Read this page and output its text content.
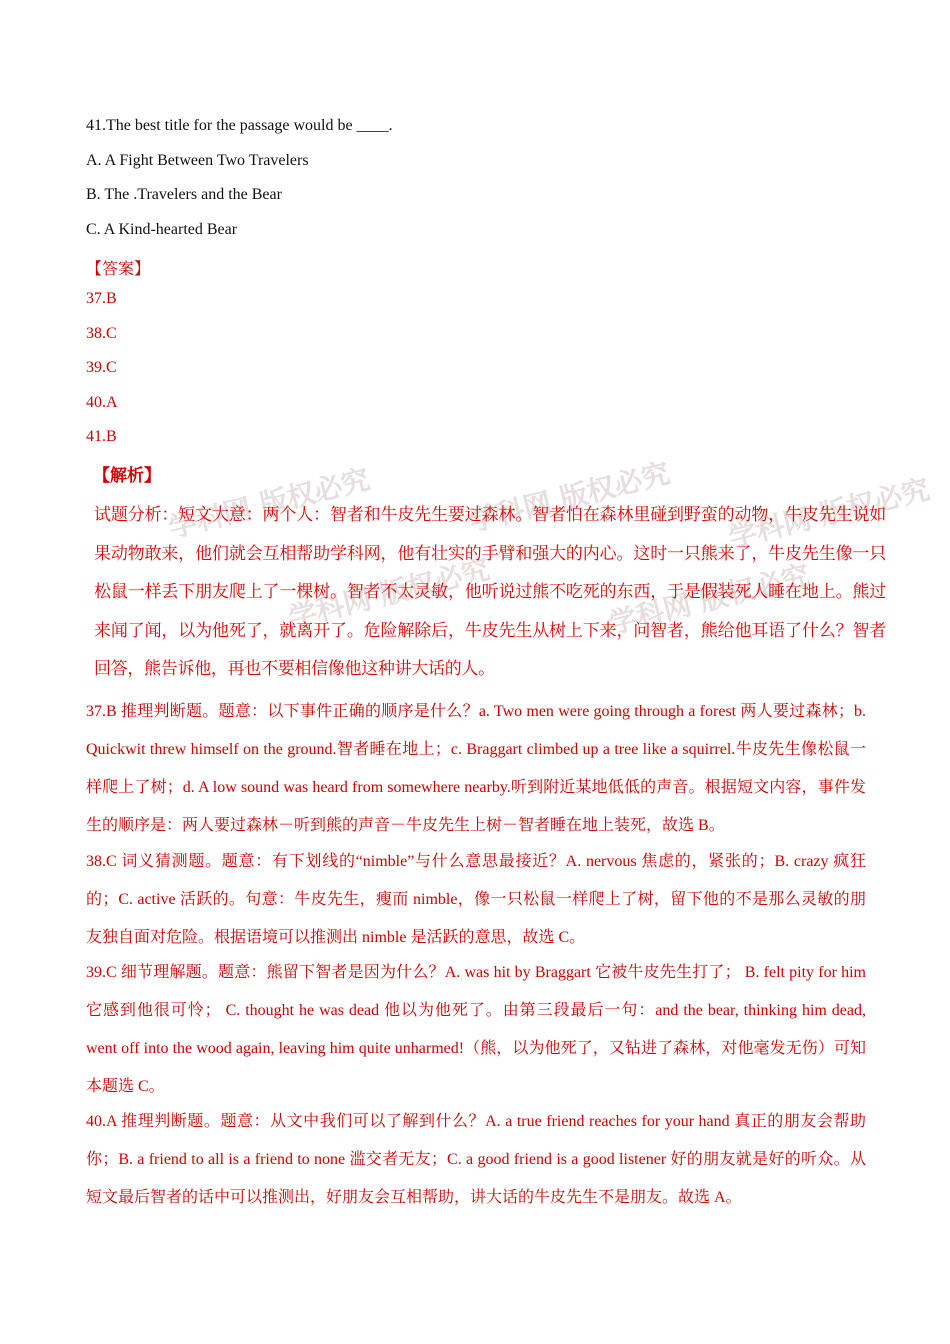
41.The best title for the passage would be ____.
A. A Fight Between Two Travelers
B. The .Travelers and the Bear
C. A Kind-hearted Bear
【答案】
37.B
38.C
39.C
40.A
41.B
【解析】 学科网 版权必究	学科网 版权必究 学科网 版权必究
学科网 版权必究	学科网 版权必究
试题分析：短文大意：两个人：智者和牛皮先生要过森林。智者怕在森林里碰到野蛮的动物，牛皮先生说如果动物敢来，他们就会互相帮助学科网，他有壮实的手臂和强大的内心。这时一只熊来了，牛皮先生像一只松鼠一样丢下朋友爬上了一棵树。智者不太灵敏，他听说过熊不吃死的东西，于是假装死人睡在地上。熊过来闻了闻，以为他死了，就离开了。危险解除后，牛皮先生从树上下来，问智者，熊给他耳语了什么？智者回答，熊告诉他，再也不要相信像他这种讲大话的人。
37.B 推理判断题。题意：以下事件正确的顺序是什么？a. Two men were going through a forest 两人要过森林；b. Quickwit threw himself on the ground.智者睡在地上；c. Braggart climbed up a tree like a squirrel.牛皮先生像松鼠一样爬上了树；d. A low sound was heard from somewhere nearby.听到附近某地低低的声音。根据短文内容，事件发生的顺序是：两人要过森林－听到熊的声音－牛皮先生上树－智者睡在地上装死，故选 B。
38.C 词义猜测题。题意：有下划线的“nimble”与什么意思最接近？A. nervous 焦虑的，紧张的；B. crazy 疯狂的；C. active 活跃的。句意：牛皮先生，瘦而 nimble，像一只松鼠一样爬上了树，留下他的不是那么灵敏的朋友独自面对危险。根据语境可以推测出 nimble 是活跃的意思，故选 C。
39.C 细节理解题。题意：熊留下智者是因为什么？A. was hit by Braggart 它被牛皮先生打了； B. felt pity for him 它感到他很可怜； C. thought he was dead 他以为他死了。由第三段最后一句：and the bear, thinking him dead, went off into the wood again, leaving him quite unharmed!（熊，以为他死了，又钻进了森林，对他毫发无伤）可知本题选 C。
40.A 推理判断题。题意：从文中我们可以了解到什么？A. a true friend reaches for your hand 真正的朋友会帮助你；B. a friend to all is a friend to none 滥交者无友；C. a good friend is a good listener 好的朋友就是好的听众。从短文最后智者的话中可以推测出，好朋友会互相帮助，讲大话的牛皮先生不是朋友。故选 A。
